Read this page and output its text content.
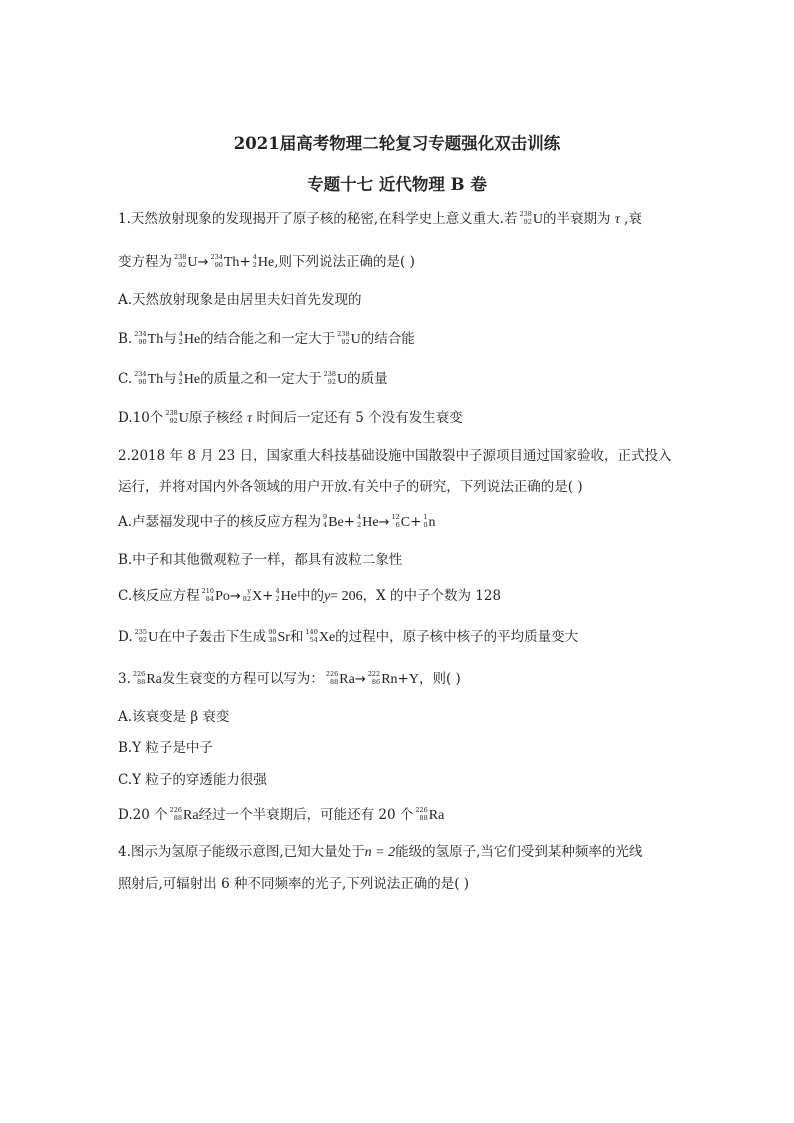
2021届高考物理二轮复习专题强化双击训练
专题十七 近代物理 B 卷
1.天然放射现象的发现揭开了原子核的秘密,在科学史上意义重大.若 238
92 U的半衰期为 τ ,衰
变方程为 238
92 U→ 234
90 Th+ 4
2 He,则下列说法正确的是( )
A.天然放射现象是由居里夫妇首先发现的
B. 234
90 Th与 4
2 He的结合能之和一定大于 238
92 U的结合能
C. 234
90 Th与 4
2 He的质量之和一定大于 238
92 U的质量
D.10个 238
92 U原子核经 τ 时间后一定还有 5 个没有发生衰变
2.2018 年 8 月 23 日，国家重大科技基础设施中国散裂中子源项目通过国家验收，正式投入
运行，并将对国内外各领域的用户开放.有关中子的研究，下列说法正确的是( )
A.卢瑟福发现中子的核反应方程为 9
4 Be+ 4
2 He→ 12
6 C+ 1
0 n
B.中子和其他微观粒子一样，都具有波粒二象性
C.核反应方程 210
84 Po→	y
82 X+ 4
2 He中的y= 206，X 的中子个数为 128
D. 235
92 U在中子轰击下生成 90
38 Sr和 140
54 Xe的过程中，原子核中核子的平均质量变大
3. 226
88 Ra发生衰变的方程可以写为： 226
88 Ra→ 222
86 Rn+Y，则( )
A.该衰变是 β 衰变
B.Y 粒子是中子
C.Y 粒子的穿透能力很强
D.20 个 226
88 Ra经过一个半衰期后，可能还有 20 个 226
88 Ra
4.图示为氢原子能级示意图,已知大量处于n = 2能级的氢原子,当它们受到某种频率的光线
照射后,可辐射出 6 种不同频率的光子,下列说法正确的是( )
